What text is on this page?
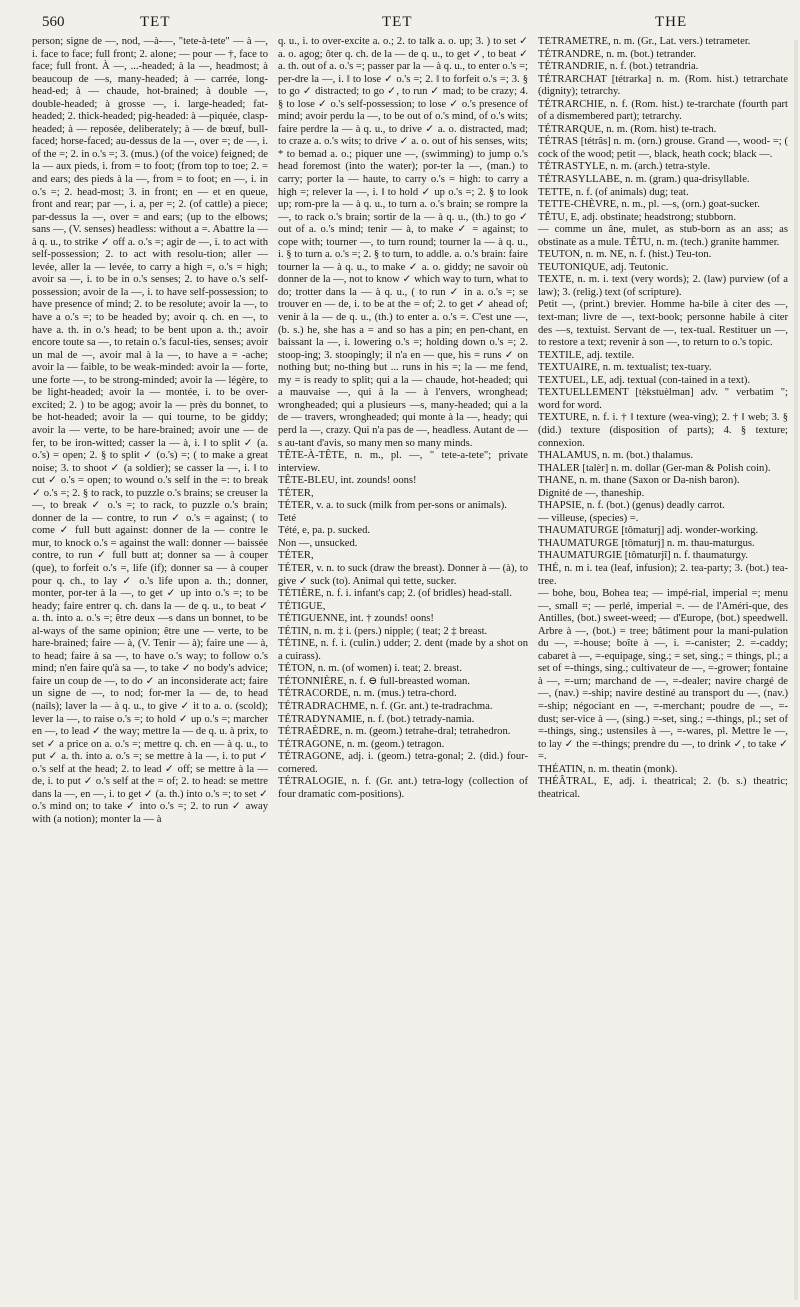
560	TET	TET	THE

person; signe de —, nod, —à-—, "tete-à-tete" — à —, i. face to face; full front; 2. alone; — pour — †, face to face; full front. À —, ...-headed; à la —, headmost; à beaucoup de —s, many-headed; à — carrée, long-head-ed; à — chaude, hot-brained; à double —, double-headed; à grosse —, i. large-headed; fat-headed; 2. thick-headed; pig-headed: à —piquée, clasp-headed; à — reposée, deliberately; à — de bœuf, bull-faced; horse-faced; au-dessus de la —, over =; de —, i. of the =; 2. in o.'s =; 3. (mus.) (of the voice) feigned; de la — aux pieds, i. from = to foot; (from top to toe; 2. = and ears; des pieds à la —, from = to foot; en —, i. in o.'s =; 2. head-most; 3. in front; en — et en queue, front and rear; par —, i. a, per =; 2. (of cattle) a piece; par-dessus la —, over = and ears; (up to the elbows; sans —, (V. senses) headless: without a =. Abattre la — à q. u., to strike ✓ off a. o.'s =; agir de —, i. to act with self-possession; 2. to act with resolu-tion; aller — levée, aller la — levée, to carry a high =, o.'s = high; avoir sa —, i. to be in o.'s senses; 2. to have o.'s self-possession; avoir de la —, i. to have self-possession; to have presence of mind; 2. to be resolute; avoir la —, to have a o.'s =; to be headed by; avoir q. ch. en —, to have a. th. in o.'s head; to be bent upon a. th.; avoir encore toute sa —, to retain o.'s facul-ties, senses; avoir un mal de —, avoir mal à la —, to have a = -ache; avoir la — faible, to be weak-minded: avoir la — forte, une forte —, to be strong-minded; avoir la — légère, to be light-headed; avoir la — montée, i. to be over-excited; 2. ) to be agog; avoir la — près du bonnet, to be hot-headed; avoir la — qui tourne, to be giddy; avoir la — verte, to be hare-brained; avoir une — de fer, to be iron-witted; casser la — à, i. ‖ to split ✓ (a. o.'s) = open; 2. § to split ✓ (o.'s) =; ( to make a great noise; 3. to shoot ✓ (a soldier); se casser la —, i. ‖ to cut ✓ o.'s = open; to wound o.'s self in the =: to break ✓ o.'s =; 2. § to rack, to puzzle o.'s brains; se creuser la —, to break ✓ o.'s =; to rack, to puzzle o.'s brain; donner de la — contre, to run ✓ o.'s = against; ( to come ✓ full butt against: donner de la — contre le mur, to knock o.'s = against the wall: donner — baissée contre, to run ✓ full butt at; donner sa — à couper (que), to forfeit o.'s =, life (if); donner sa — à couper pour q. ch., to lay ✓ o.'s life upon a. th.; donner, monter, por-ter à la —, to get ✓ up into o.'s =; to be heady; faire entrer q. ch. dans la — de q. u., to beat ✓ a. th. into a. o.'s =; être deux —s dans un bonnet, to be al-ways of the same opinion; être une — verte, to be hare-brained; faire — à, (V. Tenir — à); faire une — à, to head; faire à sa —, to have o.'s way; to follow o.'s mind; n'en faire qu'à sa —, to take ✓ no body's advice; faire un coup de —, to do ✓ an inconsiderate act; faire un signe de —, to nod; for-mer la — de, to head (nails); laver la — à q. u., to give ✓ it to a. o. (scold); lever la —, to raise o.'s =; to hold ✓ up o.'s =; marcher en —, to lead ✓ the way; mettre la — de q. u. à prix, to set ✓ a price on a. o.'s =; mettre q. ch. en — à q. u., to put ✓ a. th. into a. o.'s =; se mettre à la —, i. to put ✓ o.'s self at the head; 2. to lead ✓ off; se mettre à la — de, i. to put ✓ o.'s self at the = of; 2. to head: se mettre dans la —, en —, i. to get ✓ (a. th.) into o.'s =; to set ✓ o.'s mind on; to take ✓ into o.'s =; 2. to run ✓ away with (a notion); monter la — à

q. u., i. to over-excite a. o.; 2. to talk a. o. up; 3. ) to set ✓ a. o. agog; ôter q. ch. de la — de q. u., to get ✓, to beat ✓ a. th. out of a. o.'s =; passer par la — à q. u., to enter o.'s =; per-dre la —, i. ‖ to lose ✓ o.'s =; 2. ‖ to forfeit o.'s =; 3. § to go ✓ distracted; to go ✓, to run ✓ mad; to be crazy; 4. § to lose ✓ o.'s self-possession; to lose ✓ o.'s presence of mind; avoir perdu la —, to be out of o.'s mind, of o.'s wits; faire perdre la — à q. u., to drive ✓ a. o. distracted, mad; to craze a. o.'s wits; to drive ✓ a. o. out of his senses, wits; * to bemad a. o.; piquer une —, (swimming) to jump o.'s head foremost (into the water); por-ter la —, (man.) to carry; porter la — haute, to carry o.'s = high: to carry a high =; relever la —, i. ‖ to hold ✓ up o.'s =; 2. § to look up; rom-pre la — à q. u., to turn a. o.'s brain; se rompre la —, to rack o.'s brain; sortir de la — à q. u., (th.) to go ✓ out of a. o.'s mind; tenir — à, to make ✓ = against; to cope with; tourner —, to turn round; tourner la — à q. u., i. § to turn a. o.'s =; 2. § to turn, to addle. a. o.'s brain: faire tourner la — à q. u., to make ✓ a. o. giddy; ne savoir où donner de la —, not to know ✓ which way to turn, what to do; trotter dans la — à q. u., ( to run ✓ in a. o.'s =; se trouver en — de, i. to be at the = of; 2. to get ✓ ahead of; venir à la — de q. u., (th.) to enter a. o.'s =. C'est une —, (b. s.) he, she has a = and so has a pin; en pen-chant, en baissant la —, i. lowering o.'s =; holding down o.'s =; 2. stoop-ing; 3. stoopingly; il n'a en — que, his = runs ✓ on nothing but; no-thing but ... runs in his =; la — me fend, my = is ready to split; qui a la — chaude, hot-headed; qui a mauvaise —, qui à la — à l'envers, wronghead; wrongheaded; qui a plusieurs —s, many-headed; qui a la de — travers, wrongheaded; qui monte à la —, heady; qui perd la —, crazy. Qui n'a pas de —, headless. Autant de —s au-tant d'avis, so many men so many minds.

TÊTE-À-TÊTE, n. m., pl. —, " tete-a-tete"; private interview.

TÊTE-BLEU, int. zounds! oons!

TÉTER,

TÉTER, v. a. to suck (milk from per-sons or animals).

Teté

Tété, e, pa. p. sucked.

Non —, unsucked.

TÉTER,

TÉTER, v. n. to suck (draw the breast). Donner à — (à), to give ✓ suck (to). Animal qui tette, sucker.

TÉTIÈRE, n. f. i. infant's cap; 2. (of bridles) head-stall.

TÉTIGUE,

TÉTIGUENNE, int. † zounds! oons!

TÉTIN, n. m. ‡ i. (pers.) nipple; ( teat; 2 ‡ breast.

TÉTINE, n. f. i. (culin.) udder; 2. dent (made by a shot on a cuirass).

TÉTON, n. m. (of women) i. teat; 2. breast.

TÉTONNIÈRE, n. f. ⊖ full-breasted woman.

TÉTRACORDE, n. m. (mus.) tetra-chord.

TÉTRADRACHME, n. f. (Gr. ant.) te-tradrachma.

TÉTRADYNAMIE, n. f. (bot.) tetrady-namia.

TÉTRAÈDRE, n. m. (geom.) tetrahe-dral; tetrahedron.

TÉTRAGONE, n. m. (geom.) tetragon.

TÉTRAGONE, adj. i. (geom.) tetra-gonal; 2. (did.) four-cornered.

TÉTRALOGIE, n. f. (Gr. ant.) tetra-logy (collection of four dramatic com-positions).

TÉTRAMÈTRE, n. m. (Gr., Lat. vers.) tetrameter.

TÉTRANDRE, n. m. (bot.) tetrander.

TÉTRANDRIE, n. f. (bot.) tetrandria.

TÉTRARCHAT [tétrarka] n. m. (Rom. hist.) tetrarchate (dignity); tetrarchy.

TÉTRARCHIE, n. f. (Rom. hist.) te-trarchate (fourth part of a dismembered part); tetrarchy.

TÉTRARQUE, n. m. (Rom. hist) te-trach.

TÉTRAS [tétrâs] n. m. (orn.) grouse. Grand —, wood- =; ( cock of the wood; petit —, black, heath cock; black —.

TÉTRASTYLE, n. m. (arch.) tetra-style.

TÉTRASYLLABE, n. m. (gram.) qua-drisyllable.

TETTE, n. f. (of animals) dug; teat.

TETTE-CHÈVRE, n. m., pl. —s, (orn.) goat-sucker.

TÊTU, E, adj. obstinate; headstrong; stubborn.

— comme un âne, mulet, as stub-born as an ass; as obstinate as a mule. TÊTU, n. m. (tech.) granite hammer.

TEUTON, n. m. NE, n. f. (hist.) Teu-ton.

TEUTONIQUE, adj. Teutonic.

TEXTE, n. m. i. text (very words); 2. (law) purview (of a law); 3. (relig.) text (of scripture).

Petit —, (print.) brevier. Homme ha-bile à citer des —, text-man; livre de —, text-book; personne habile à citer des —s, textuist. Servant de —, tex-tual. Restituer un —, to restore a text; revenir à son —, to return to o.'s topic.

TEXTILE, adj. textile.

TEXTUAIRE, n. m. textualist; tex-tuary.

TEXTUEL, LE, adj. textual (con-tained in a text).

TEXTUELLEMENT [tèkstuèlman] adv. " verbatim "; word for word.

TEXTURE, n. f. i. † ‖ texture (wea-ving); 2. † ‖ web; 3. § (did.) texture (disposition of parts); 4. § texture; connexion.

THALAMUS, n. m. (bot.) thalamus.

THALER [talèr] n. m. dollar (Ger-man & Polish coin).

THANE, n. m. thane (Saxon or Da-nish baron).

Dignité de —, thaneship.

THAPSIE, n. f. (bot.) (genus) deadly carrot.

— villeuse, (species) =.

THAUMATURGE [tômaturj] adj. wonder-working.

THAUMATURGE [tômaturj] n. m. thau-maturgus.

THAUMATURGIE [tômaturjî] n. f. thaumaturgy.

THÉ, n. m i. tea (leaf, infusion); 2. tea-party; 3. (bot.) tea-tree.

— bohe, bou, Bohea tea; — impé-rial, imperial =; menu —, small =; — perlé, imperial =. — de l'Améri-que, des Antilles, (bot.) sweet-weed; — d'Europe, (bot.) speedwell. Arbre à —, (bot.) = tree; bâtiment pour la mani-pulation du —, =-house; boîte à —, i. =-canister; 2. =-caddy; cabaret à —, =-equipage, sing.; = set, sing.; = things, pl.; a set of =-things, sing.; cultivateur de —, =-grower; fontaine à —, =-urn; marchand de —, =-dealer; navire chargé de —, (nav.) =-ship; navire destiné au transport du —, (nav.) =-ship; négociant en —, =-merchant; poudre de —, =-dust; ser-vice à —, (sing.) =-set, sing.; =-things, pl.; set of =-things, sing.; ustensiles à —, =-wares, pl. Mettre le —, to lay ✓ the =-things; prendre du —, to drink ✓, to take ✓ =.

THÉATIN, n. m. theatin (monk).

THÉÂTRAL, E, adj. i. theatrical; 2. (b. s.) theatric; theatrical.
